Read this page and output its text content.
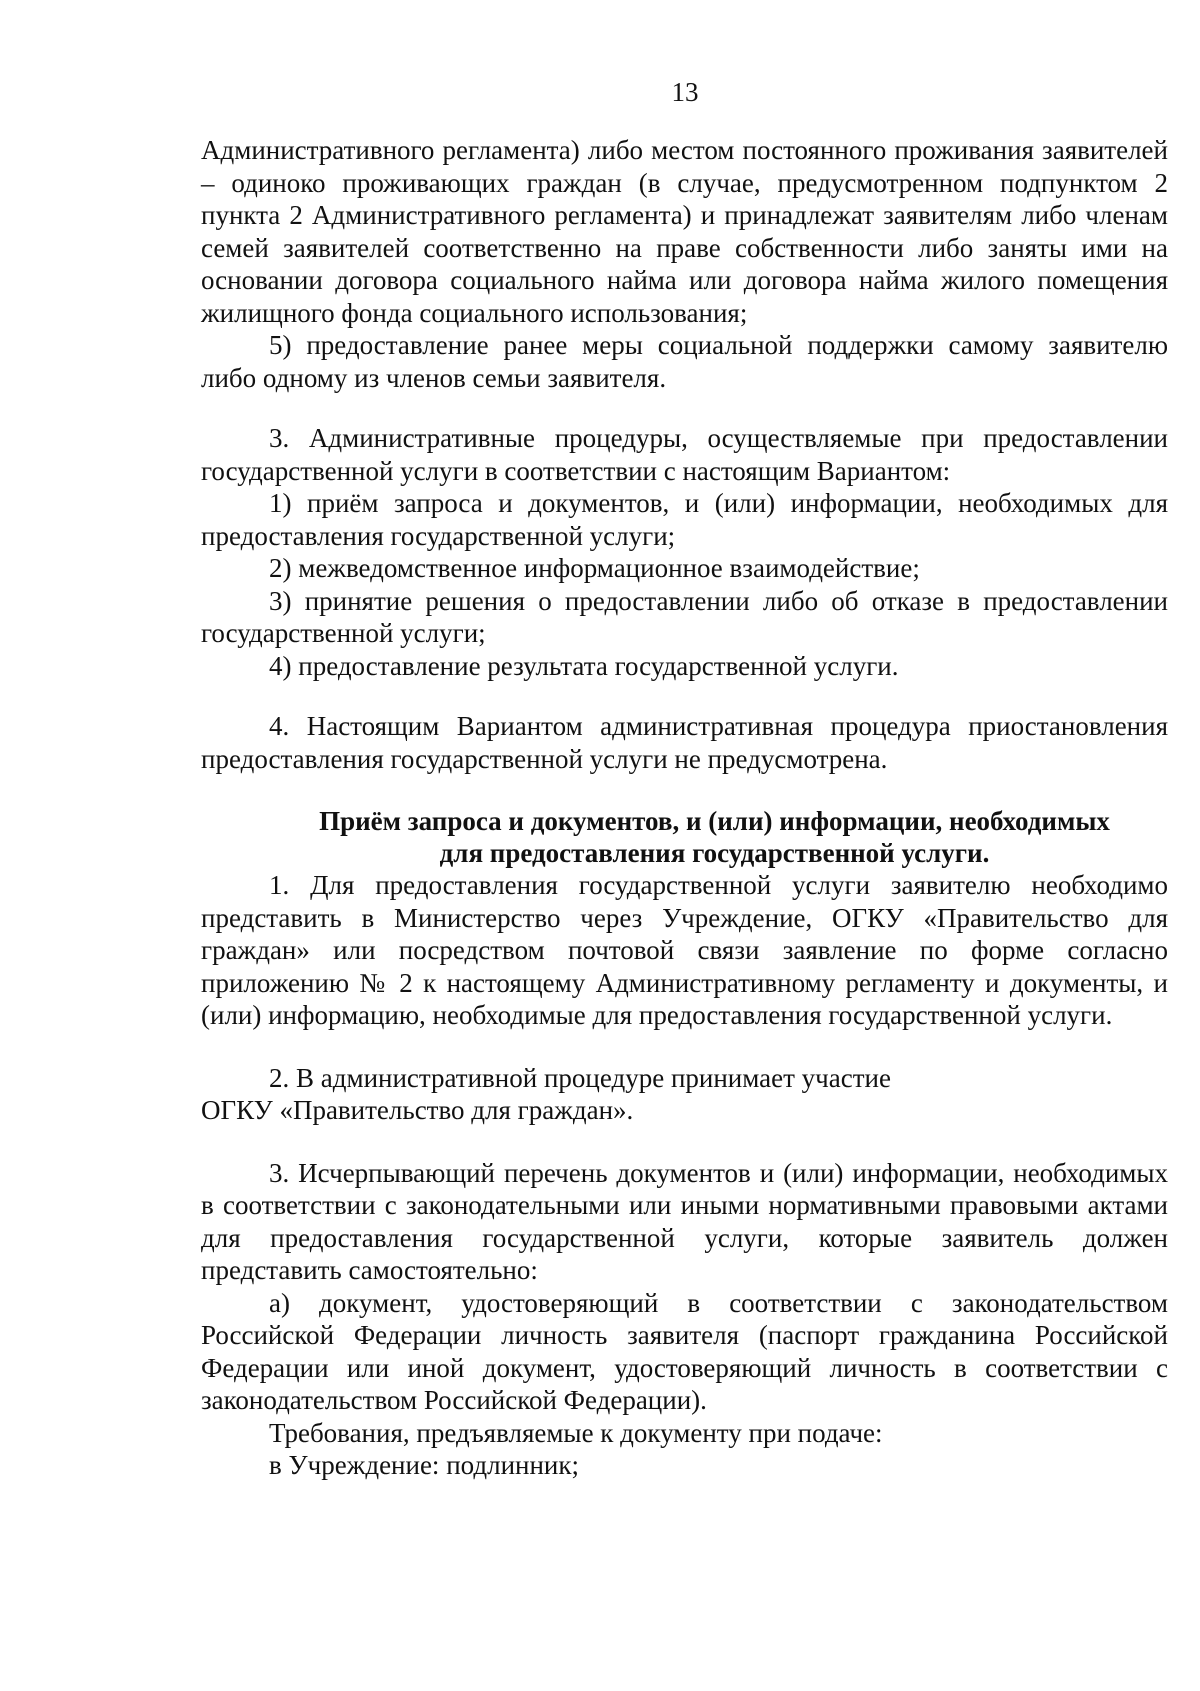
13

Административного регламента) либо местом постоянного проживания заявителей – одиноко проживающих граждан (в случае, предусмотренном подпунктом 2 пункта 2 Административного регламента) и принадлежат заявителям либо членам семей заявителей соответственно на праве собственности либо заняты ими на основании договора социального найма или договора найма жилого помещения жилищного фонда социального использования;

5) предоставление ранее меры социальной поддержки самому заявителю либо одному из членов семьи заявителя.

3. Административные процедуры, осуществляемые при предоставлении государственной услуги в соответствии с настоящим Вариантом:

1) приём запроса и документов, и (или) информации, необходимых для предоставления государственной услуги;

2) межведомственное информационное взаимодействие;

3) принятие решения о предоставлении либо об отказе в предоставлении государственной услуги;

4) предоставление результата государственной услуги.

4. Настоящим Вариантом административная процедура приостановления предоставления государственной услуги не предусмотрена.

Приём запроса и документов, и (или) информации, необходимых
для предоставления государственной услуги.

1. Для предоставления государственной услуги заявителю необходимо представить в Министерство через Учреждение, ОГКУ «Правительство для граждан» или посредством почтовой связи заявление по форме согласно приложению № 2 к настоящему Административному регламенту и документы, и (или) информацию, необходимые для предоставления государственной услуги.

2. В административной процедуре принимает участие

ОГКУ «Правительство для граждан».

3. Исчерпывающий перечень документов и (или) информации, необходимых в соответствии с законодательными или иными нормативными правовыми актами для предоставления государственной услуги, которые заявитель должен представить самостоятельно:

а) документ, удостоверяющий в соответствии с законодательством Российской Федерации личность заявителя (паспорт гражданина Российской Федерации или иной документ, удостоверяющий личность в соответствии с законодательством Российской Федерации).

Требования, предъявляемые к документу при подаче:

в Учреждение: подлинник;
